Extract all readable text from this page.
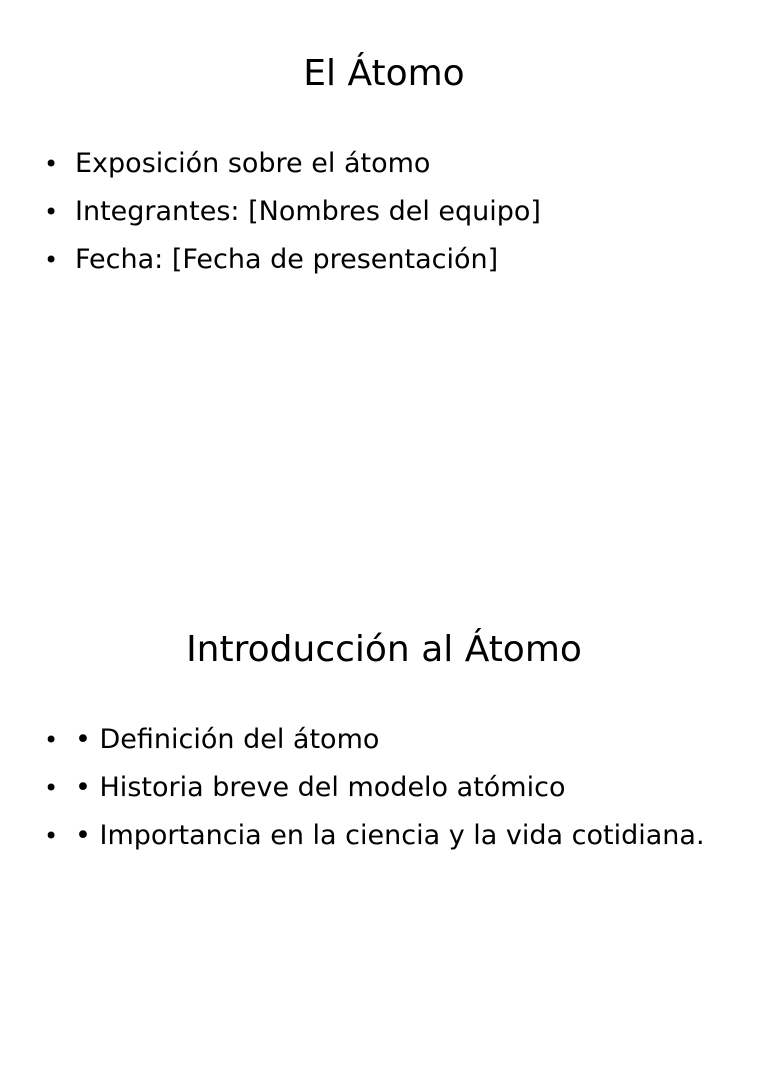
El Átomo
• Exposición sobre el átomo
• Integrantes: [Nombres del equipo]
• Fecha: [Fecha de presentación]
Introducción al Átomo
• • Definición del átomo
• • Historia breve del modelo atómico
• • Importancia en la ciencia y la vida cotidiana.
